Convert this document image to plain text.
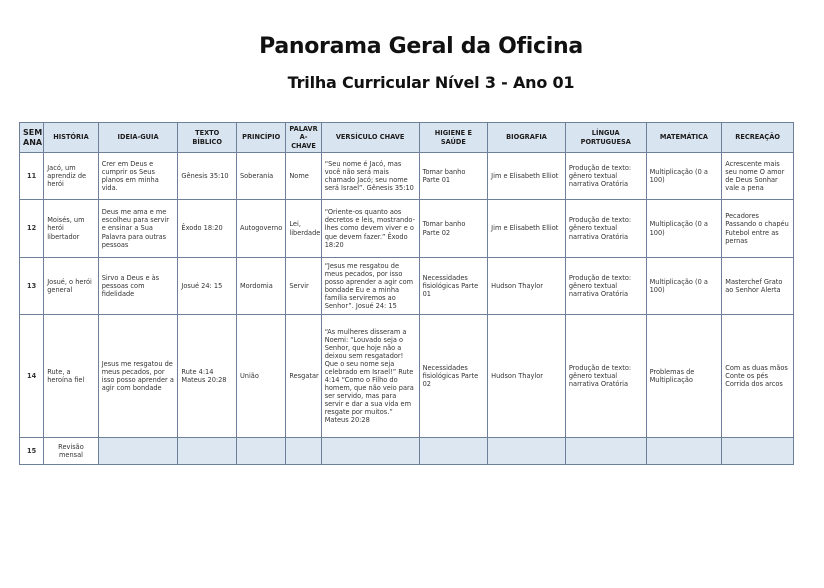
Panorama Geral da Oficina
Trilha Curricular Nível 3 - Ano 01
SEM ANA	HISTÓRIA	IDEIA-GUIA	TEXTO BÍBLICO	PRINCÍPIO	PALAVR A- CHAVE	VERSÍCULO CHAVE	HIGIENE E SAÚDE	BIOGRAFIA	LÍNGUA PORTUGUESA	MATEMÁTICA	RECREAÇÃO
11	Jacó, um aprendiz de herói	Crer em Deus e cumprir os Seus planos em minha vida.	Gênesis 35:10	Soberania	Nome	“Seu nome é Jacó, mas você não será mais chamado Jacó; seu nome será Israel”. Gênesis 35:10	Tomar banho Parte 01	Jim e Elisabeth Elliot	Produção de texto: gênero textual narrativa Oratória	Multiplicação (0 a 100)	Acrescente mais seu nome O amor de Deus Sonhar vale a pena
12	Moisés, um herói libertador	Deus me ama e me escolheu para servir e ensinar a Sua Palavra para outras pessoas	Êxodo 18:20	Autogoverno	Lei, liberdade	“Oriente-os quanto aos decretos e leis, mostrando-lhes como devem viver e o que devem fazer.” Êxodo 18:20	Tomar banho Parte 02	Jim e Elisabeth Elliot	Produção de texto: gênero textual narrativa Oratória	Multiplicação (0 a 100)	Pecadores Passando o chapéu Futebol entre as pernas
13	Josué, o herói general	Sirvo a Deus e às pessoas com fidelidade	Josué 24: 15	Mordomia	Servir	“Jesus me resgatou de meus pecados, por isso posso aprender a agir com bondade Eu e a minha família serviremos ao Senhor”. Josué 24: 15	Necessidades fisiológicas Parte 01	Hudson Thaylor	Produção de texto: gênero textual narrativa Oratória	Multiplicação (0 a 100)	Masterchef Grato ao Senhor Alerta
14	Rute, a heroína fiel	Jesus me resgatou de meus pecados, por isso posso aprender a agir com bondade	Rute 4:14 Mateus 20:28	União	Resgatar	“As mulheres disseram a Noemi: “Louvado seja o Senhor, que hoje não a deixou sem resgatador! Que o seu nome seja celebrado em Israel!” Rute 4:14 “Como o Filho do homem, que não veio para ser servido, mas para servir e dar a sua vida em resgate por muitos.” Mateus 20:28	Necessidades fisiológicas Parte 02	Hudson Thaylor	Produção de texto: gênero textual narrativa Oratória	Problemas de Multiplicação	Com as duas mãos Conte os pés Corrida dos arcos
15	Revisão mensal										
